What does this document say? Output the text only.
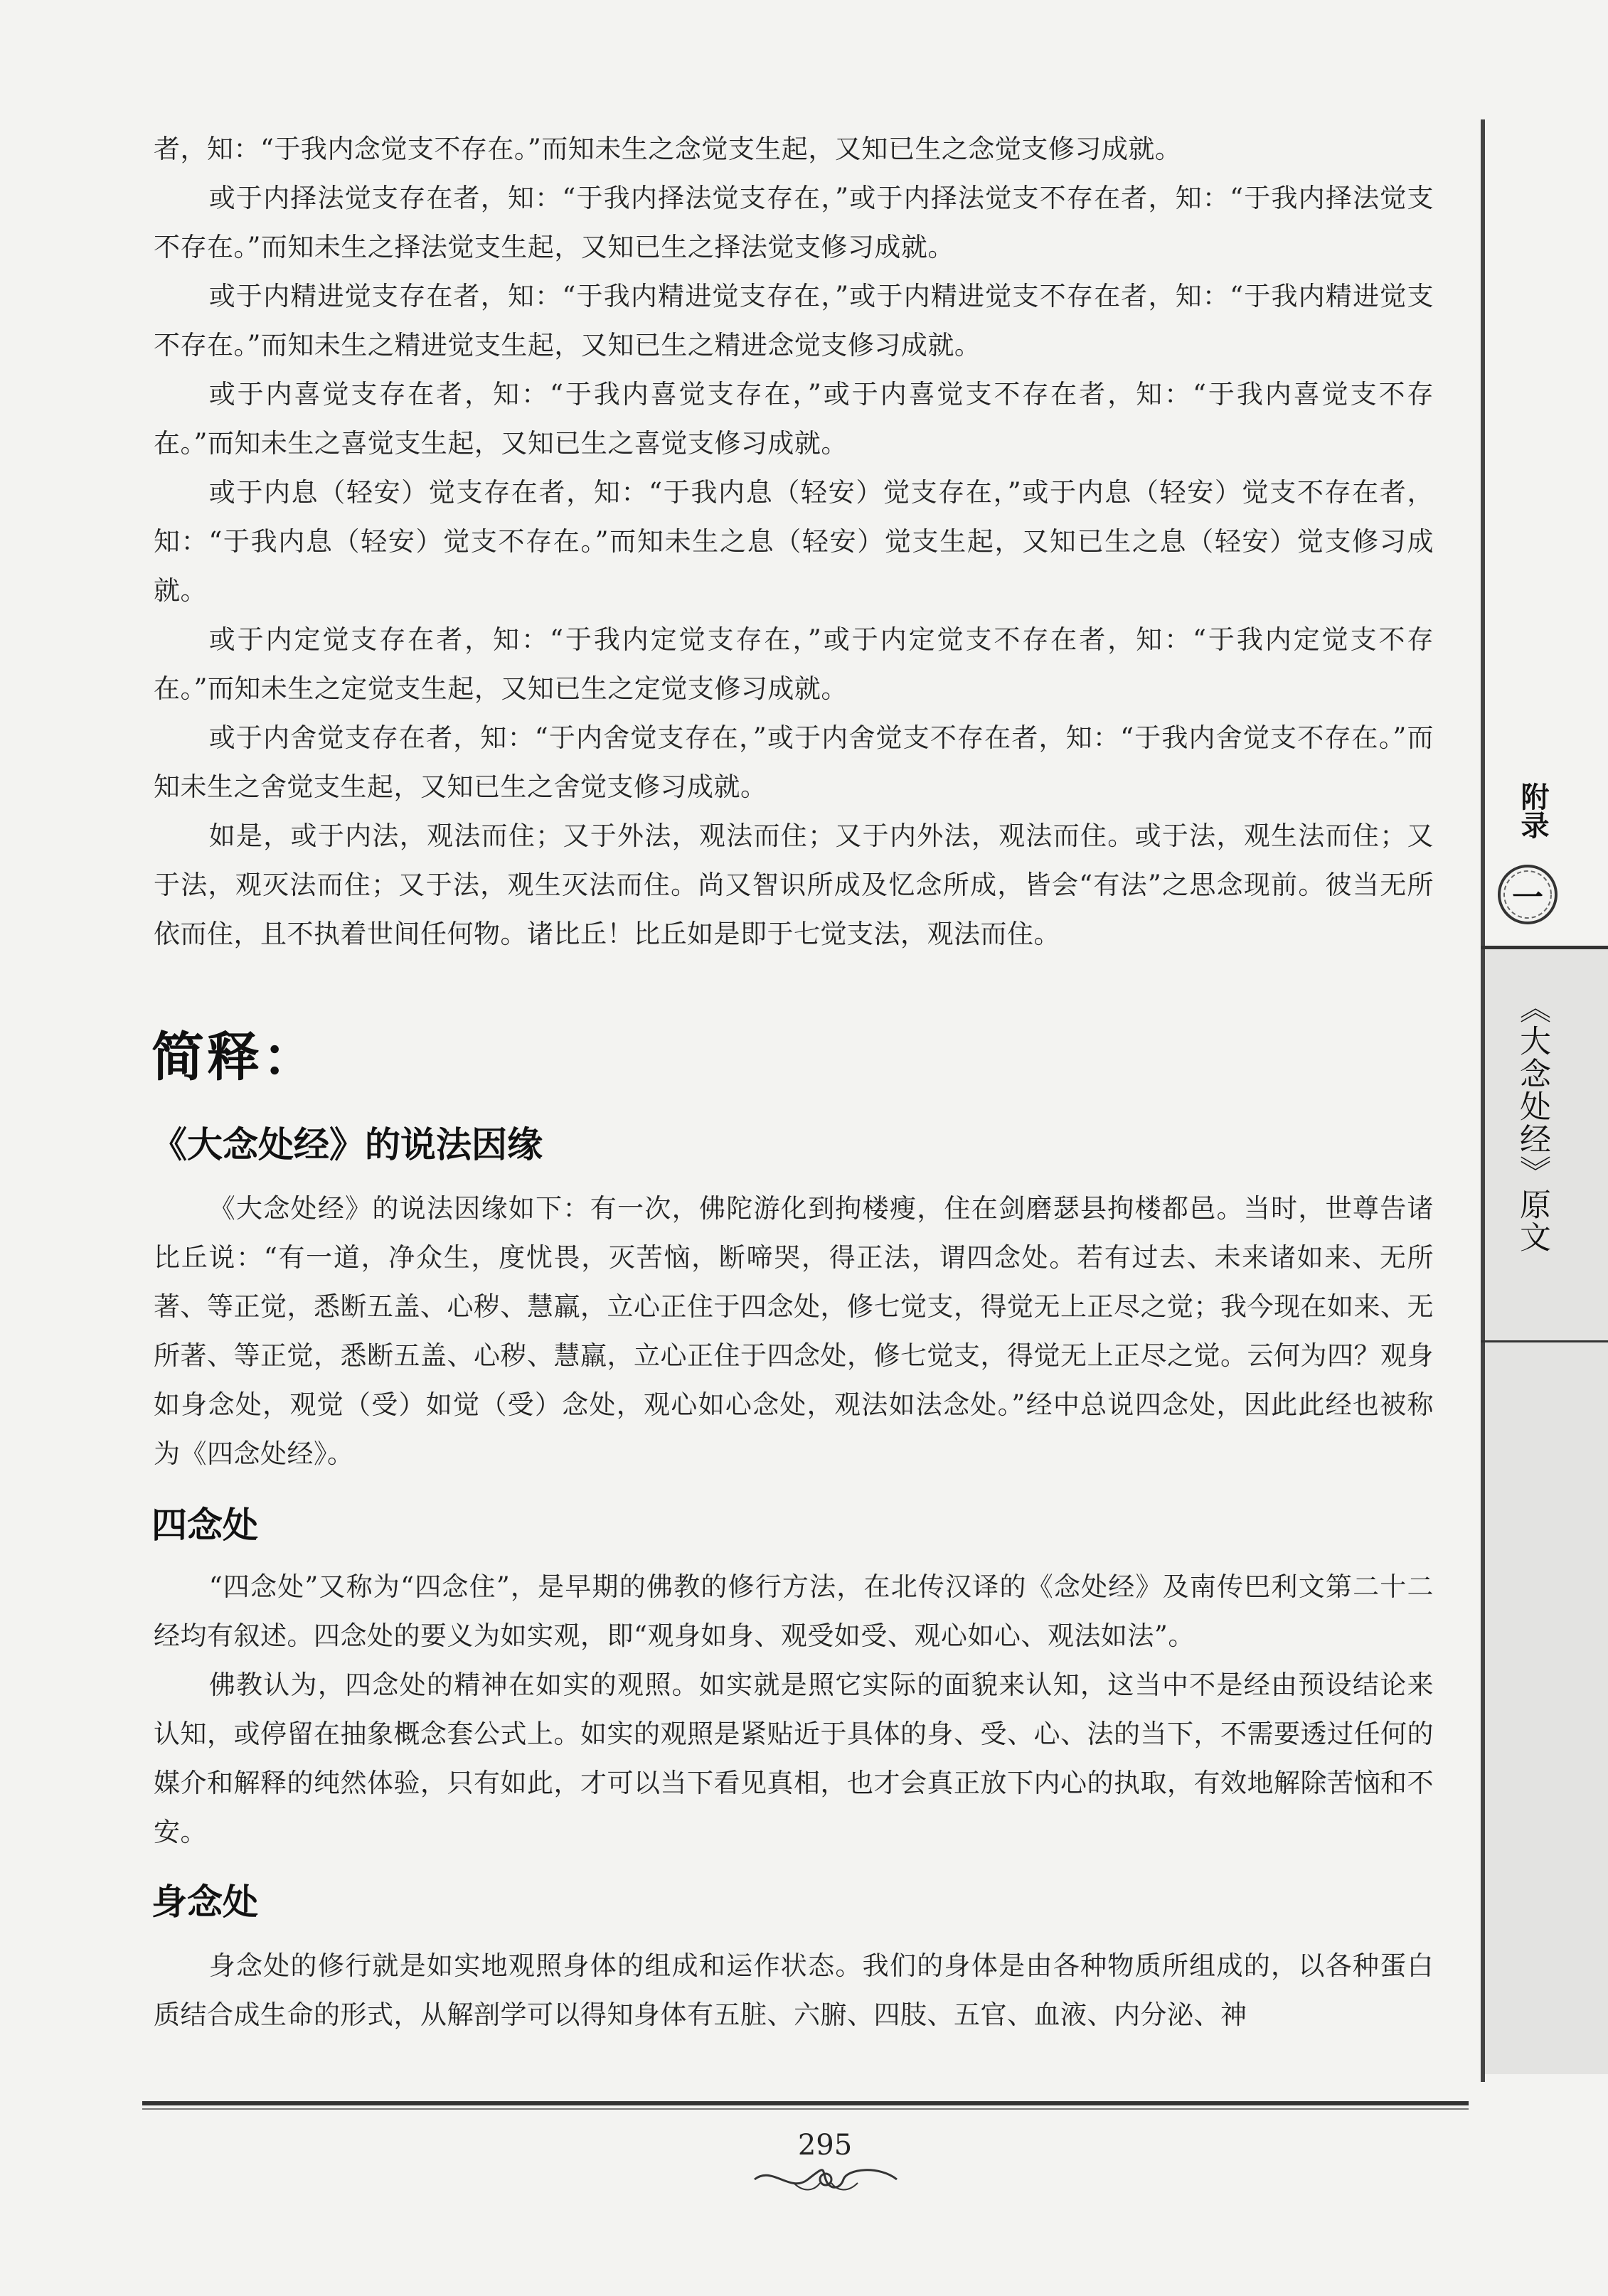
附录
一
《大念处经》原文

者，知：“于我内念觉支不存在。”而知未生之念觉支生起，又知已生之念觉支修习成就。

或于内择法觉支存在者，知：“于我内择法觉支存在，”或于内择法觉支不存在者，知：“于我内择法觉支不存在。”而知未生之择法觉支生起，又知已生之择法觉支修习成就。

或于内精进觉支存在者，知：“于我内精进觉支存在，”或于内精进觉支不存在者，知：“于我内精进觉支不存在。”而知未生之精进觉支生起，又知已生之精进念觉支修习成就。

或于内喜觉支存在者，知：“于我内喜觉支存在，”或于内喜觉支不存在者，知：“于我内喜觉支不存在。”而知未生之喜觉支生起，又知已生之喜觉支修习成就。

或于内息（轻安）觉支存在者，知：“于我内息（轻安）觉支存在，”或于内息（轻安）觉支不存在者，知：“于我内息（轻安）觉支不存在。”而知未生之息（轻安）觉支生起，又知已生之息（轻安）觉支修习成就。

或于内定觉支存在者，知：“于我内定觉支存在，”或于内定觉支不存在者，知：“于我内定觉支不存在。”而知未生之定觉支生起，又知已生之定觉支修习成就。

或于内舍觉支存在者，知：“于内舍觉支存在，”或于内舍觉支不存在者，知：“于我内舍觉支不存在。”而知未生之舍觉支生起，又知已生之舍觉支修习成就。

如是，或于内法，观法而住；又于外法，观法而住；又于内外法，观法而住。或于法，观生法而住；又于法，观灭法而住；又于法，观生灭法而住。尚又智识所成及忆念所成，皆会“有法”之思念现前。彼当无所依而住，且不执着世间任何物。诸比丘！比丘如是即于七觉支法，观法而住。

简释：
《大念处经》的说法因缘

《大念处经》的说法因缘如下：有一次，佛陀游化到拘楼瘦，住在剑磨瑟县拘楼都邑。当时，世尊告诸比丘说：“有一道，净众生，度忧畏，灭苦恼，断啼哭，得正法，谓四念处。若有过去、未来诸如来、无所著、等正觉，悉断五盖、心秽、慧羸，立心正住于四念处，修七觉支，得觉无上正尽之觉；我今现在如来、无所著、等正觉，悉断五盖、心秽、慧羸，立心正住于四念处，修七觉支，得觉无上正尽之觉。云何为四？观身如身念处，观觉（受）如觉（受）念处，观心如心念处，观法如法念处。”经中总说四念处，因此此经也被称为《四念处经》。

四念处

“四念处”又称为“四念住”，是早期的佛教的修行方法，在北传汉译的《念处经》及南传巴利文第二十二经均有叙述。四念处的要义为如实观，即“观身如身、观受如受、观心如心、观法如法”。

佛教认为，四念处的精神在如实的观照。如实就是照它实际的面貌来认知，这当中不是经由预设结论来认知，或停留在抽象概念套公式上。如实的观照是紧贴近于具体的身、受、心、法的当下，不需要透过任何的媒介和解释的纯然体验，只有如此，才可以当下看见真相，也才会真正放下内心的执取，有效地解除苦恼和不安。

身念处

身念处的修行就是如实地观照身体的组成和运作状态。我们的身体是由各种物质所组成的，以各种蛋白质结合成生命的形式，从解剖学可以得知身体有五脏、六腑、四肢、五官、血液、内分泌、神

295
